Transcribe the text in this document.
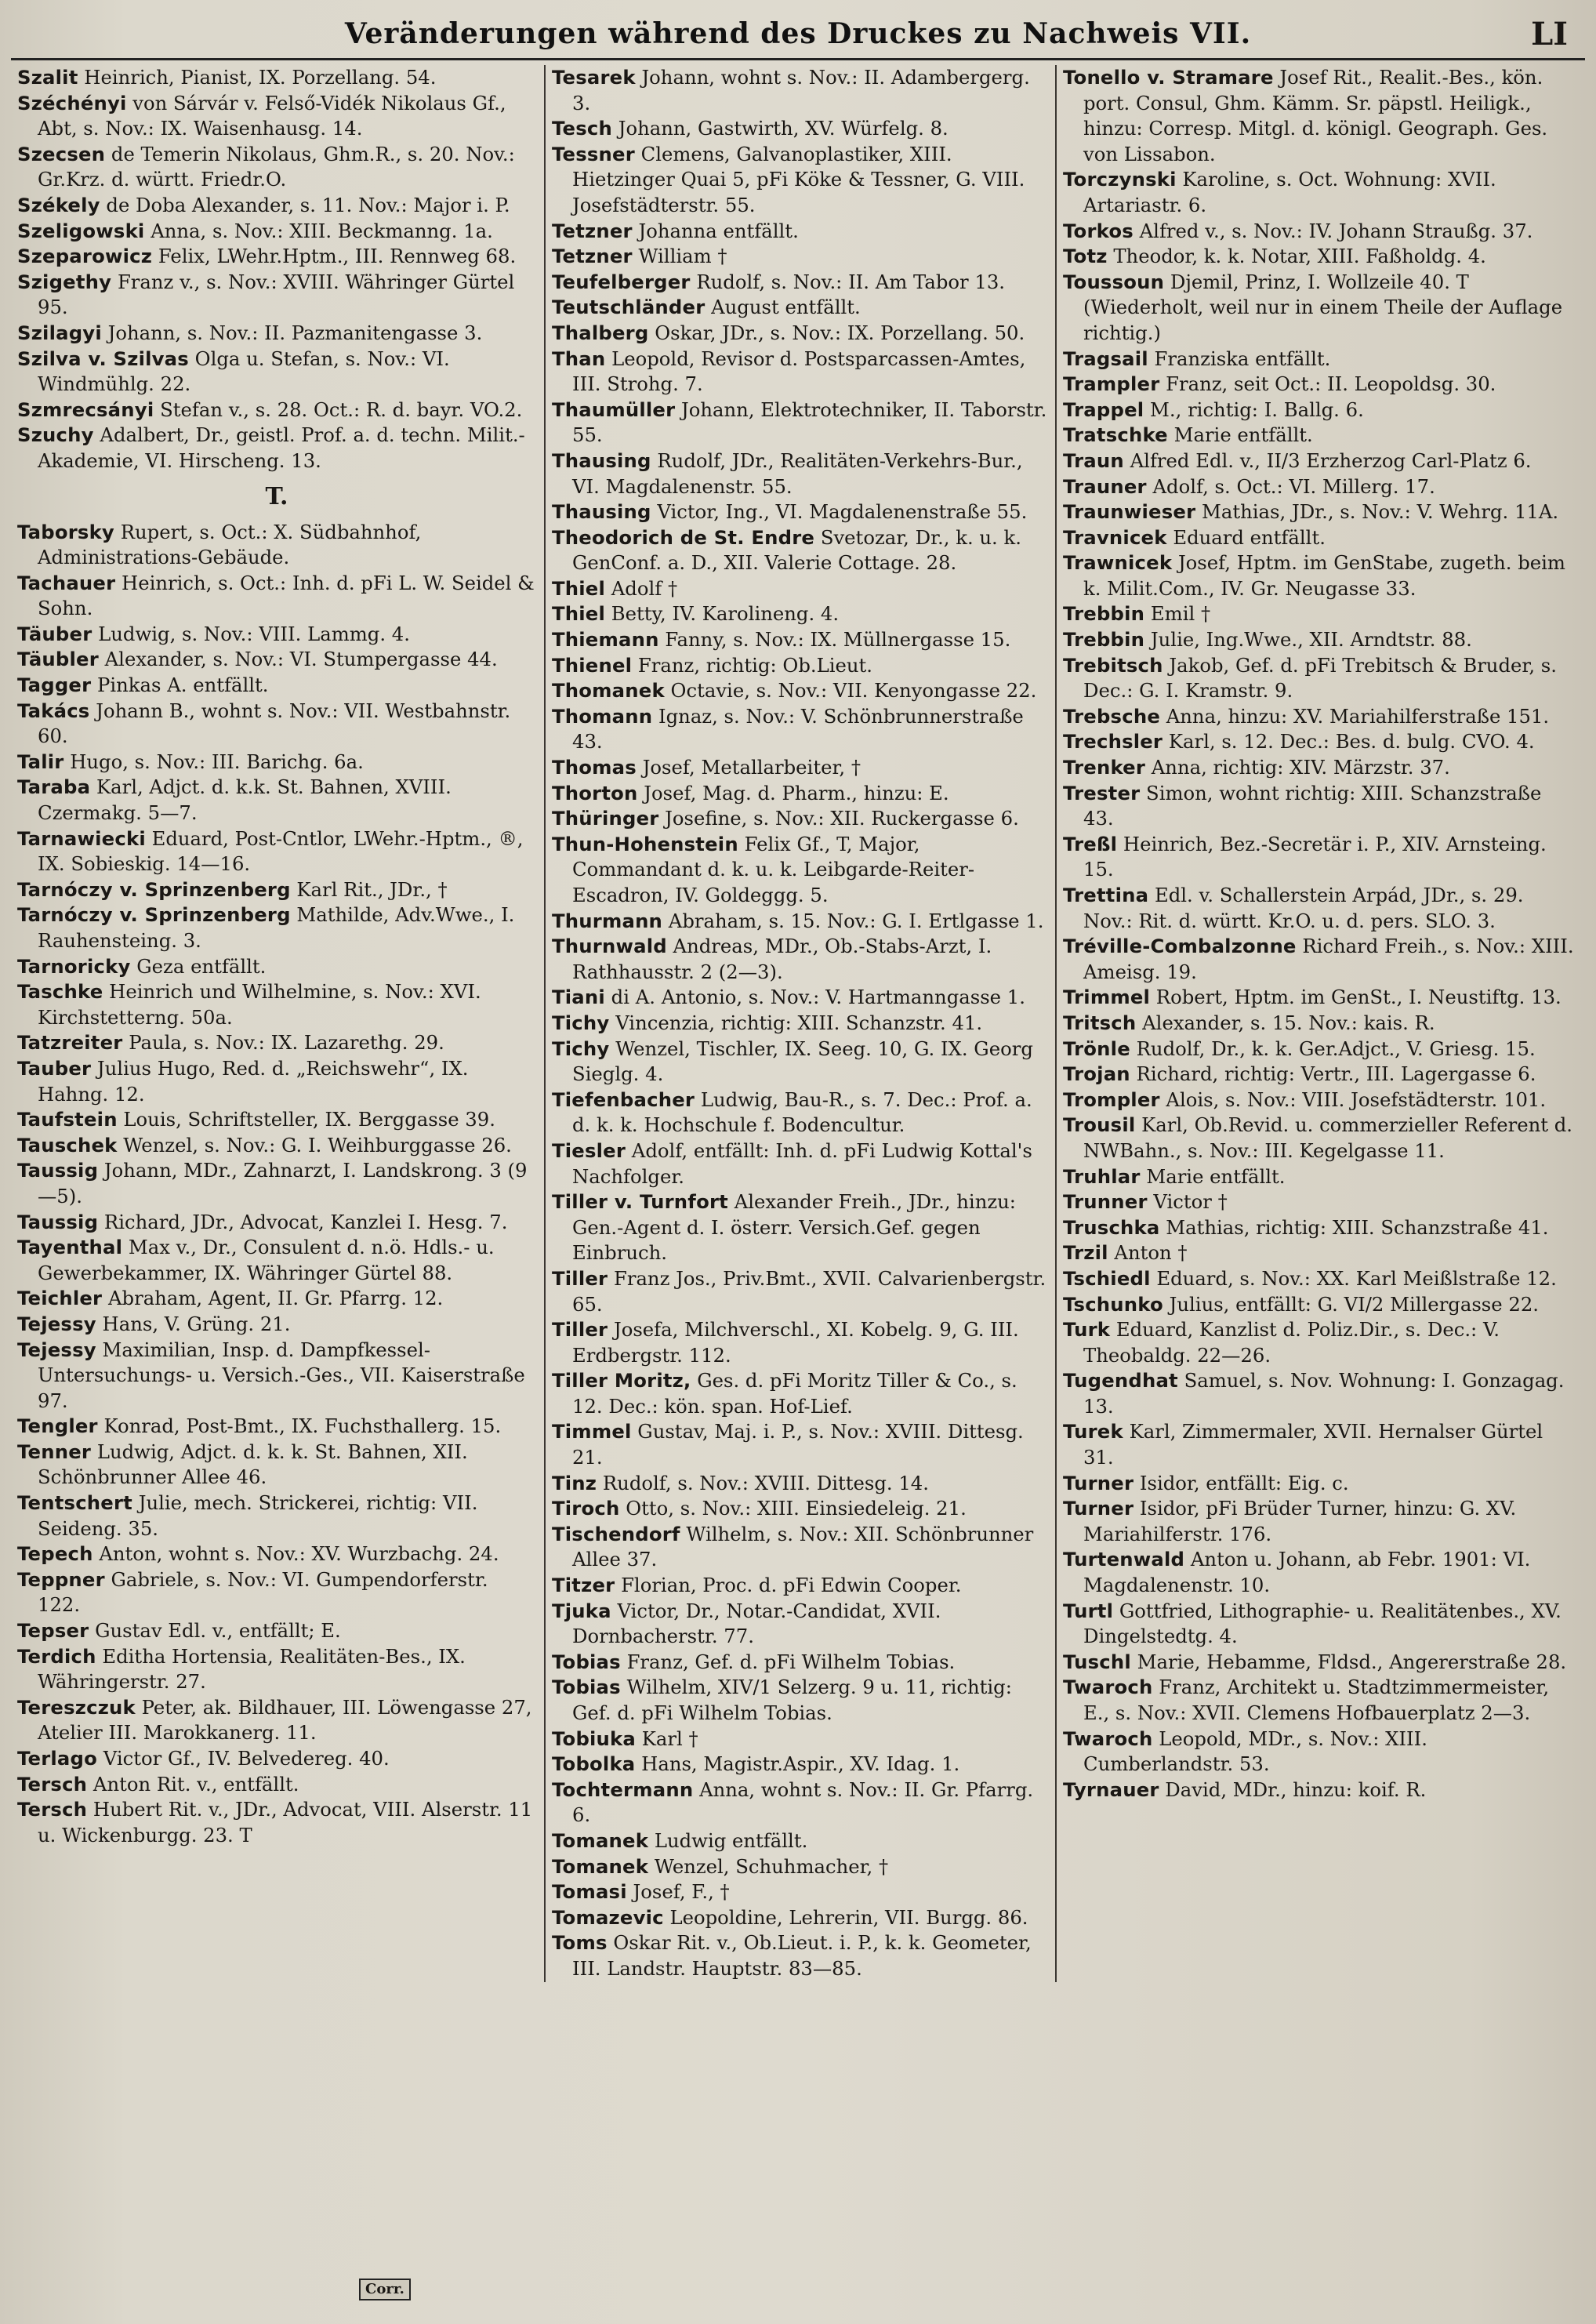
Veränderungen während des Druckes zu Nachweis VII.	LI

Szalit Heinrich, Pianist, IX. Porzellang. 54.

Széchényi von Sárvár v. Felső-Vidék Nikolaus Gf., Abt, s. Nov.: IX. Waisenhausg. 14.

Szecsen de Temerin Nikolaus, Ghm.R., s. 20. Nov.: Gr.Krz. d. württ. Friedr.O.

Székely de Doba Alexander, s. 11. Nov.: Major i. P.

Szeligowski Anna, s. Nov.: XIII. Beckmanng. 1a.

Szeparowicz Felix, LWehr.Hptm., III. Rennweg 68.

Szigethy Franz v., s. Nov.: XVIII. Währinger Gürtel 95.

Szilagyi Johann, s. Nov.: II. Pazmanitengasse 3.

Szilva v. Szilvas Olga u. Stefan, s. Nov.: VI. Windmühlg. 22.

Szmrecsányi Stefan v., s. 28. Oct.: R. d. bayr. VO.2.

Szuchy Adalbert, Dr., geistl. Prof. a. d. techn. Milit.-Akademie, VI. Hirscheng. 13.

T.

Taborsky Rupert, s. Oct.: X. Südbahnhof, Administrations-Gebäude.

Tachauer Heinrich, s. Oct.: Inh. d. pFi L. W. Seidel & Sohn.

Täuber Ludwig, s. Nov.: VIII. Lammg. 4.

Täubler Alexander, s. Nov.: VI. Stumpergasse 44.

Tagger Pinkas A. entfällt.

Takács Johann B., wohnt s. Nov.: VII. Westbahnstr. 60.

Talir Hugo, s. Nov.: III. Barichg. 6a.

Taraba Karl, Adjct. d. k.k. St. Bahnen, XVIII. Czermakg. 5—7.

Tarnawiecki Eduard, Post-Cntlor, LWehr.-Hptm., ®, IX. Sobieskig. 14—16.

Tarnóczy v. Sprinzenberg Karl Rit., JDr., †

Tarnóczy v. Sprinzenberg Mathilde, Adv.Wwe., I. Rauhensteing. 3.

Tarnoricky Geza entfällt.

Taschke Heinrich und Wilhelmine, s. Nov.: XVI. Kirchstetterng. 50a.

Tatzreiter Paula, s. Nov.: IX. Lazarethg. 29.

Tauber Julius Hugo, Red. d. „Reichswehr“, IX. Hahng. 12.

Taufstein Louis, Schriftsteller, IX. Berggasse 39.

Tauschek Wenzel, s. Nov.: G. I. Weihburggasse 26.

Taussig Johann, MDr., Zahnarzt, I. Landskrong. 3 (9—5).

Taussig Richard, JDr., Advocat, Kanzlei I. Hesg. 7.

Tayenthal Max v., Dr., Consulent d. n.ö. Hdls.- u. Gewerbekammer, IX. Währinger Gürtel 88.

Teichler Abraham, Agent, II. Gr. Pfarrg. 12.

Tejessy Hans, V. Grüng. 21.

Tejessy Maximilian, Insp. d. Dampfkessel-Untersuchungs- u. Versich.-Ges., VII. Kaiserstraße 97.

Tengler Konrad, Post-Bmt., IX. Fuchsthallerg. 15.

Tenner Ludwig, Adjct. d. k. k. St. Bahnen, XII. Schönbrunner Allee 46.

Tentschert Julie, mech. Strickerei, richtig: VII. Seideng. 35.

Tepech Anton, wohnt s. Nov.: XV. Wurzbachg. 24.

Teppner Gabriele, s. Nov.: VI. Gumpendorferstr. 122.

Tepser Gustav Edl. v., entfällt; E.

Terdich Editha Hortensia, Realitäten-Bes., IX. Währingerstr. 27.

Tereszczuk Peter, ak. Bildhauer, III. Löwengasse 27, Atelier III. Marokkanerg. 11.

Terlago Victor Gf., IV. Belvedereg. 40.

Tersch Anton Rit. v., entfällt.

Tersch Hubert Rit. v., JDr., Advocat, VIII. Alserstr. 11 u. Wickenburgg. 23. T

Tesarek Johann, wohnt s. Nov.: II. Adambergerg. 3.

Tesch Johann, Gastwirth, XV. Würfelg. 8.

Tessner Clemens, Galvanoplastiker, XIII. Hietzinger Quai 5, pFi Köke & Tessner, G. VIII. Josefstädterstr. 55.

Tetzner Johanna entfällt.

Tetzner William †

Teufelberger Rudolf, s. Nov.: II. Am Tabor 13.

Teutschländer August entfällt.

Thalberg Oskar, JDr., s. Nov.: IX. Porzellang. 50.

Than Leopold, Revisor d. Postsparcassen-Amtes, III. Strohg. 7.

Thaumüller Johann, Elektrotechniker, II. Taborstr. 55.

Thausing Rudolf, JDr., Realitäten-Verkehrs-Bur., VI. Magdalenenstr. 55.

Thausing Victor, Ing., VI. Magdalenenstraße 55.

Theodorich de St. Endre Svetozar, Dr., k. u. k. GenConf. a. D., XII. Valerie Cottage. 28.

Thiel Adolf †

Thiel Betty, IV. Karolineng. 4.

Thiemann Fanny, s. Nov.: IX. Müllnergasse 15.

Thienel Franz, richtig: Ob.Lieut.

Thomanek Octavie, s. Nov.: VII. Kenyongasse 22.

Thomann Ignaz, s. Nov.: V. Schönbrunnerstraße 43.

Thomas Josef, Metallarbeiter, †

Thorton Josef, Mag. d. Pharm., hinzu: E.

Thüringer Josefine, s. Nov.: XII. Ruckergasse 6.

Thun-Hohenstein Felix Gf., T, Major, Commandant d. k. u. k. Leibgarde-Reiter-Escadron, IV. Goldeggg. 5.

Thurmann Abraham, s. 15. Nov.: G. I. Ertlgasse 1.

Thurnwald Andreas, MDr., Ob.-Stabs-Arzt, I. Rathhausstr. 2 (2—3).

Tiani di A. Antonio, s. Nov.: V. Hartmanngasse 1.

Tichy Vincenzia, richtig: XIII. Schanzstr. 41.

Tichy Wenzel, Tischler, IX. Seeg. 10, G. IX. Georg Sieglg. 4.

Tiefenbacher Ludwig, Bau-R., s. 7. Dec.: Prof. a. d. k. k. Hochschule f. Bodencultur.

Tiesler Adolf, entfällt: Inh. d. pFi Ludwig Kottal's Nachfolger.

Tiller v. Turnfort Alexander Freih., JDr., hinzu: Gen.-Agent d. I. österr. Versich.Gef. gegen Einbruch.

Tiller Franz Jos., Priv.Bmt., XVII. Calvarienbergstr. 65.

Tiller Josefa, Milchverschl., XI. Kobelg. 9, G. III. Erdbergstr. 112.

Tiller Moritz, Ges. d. pFi Moritz Tiller & Co., s. 12. Dec.: kön. span. Hof-Lief.

Timmel Gustav, Maj. i. P., s. Nov.: XVIII. Dittesg. 21.

Tinz Rudolf, s. Nov.: XVIII. Dittesg. 14.

Tiroch Otto, s. Nov.: XIII. Einsiedeleig. 21.

Tischendorf Wilhelm, s. Nov.: XII. Schönbrunner Allee 37.

Titzer Florian, Proc. d. pFi Edwin Cooper.

Tjuka Victor, Dr., Notar.-Candidat, XVII. Dornbacherstr. 77.

Tobias Franz, Gef. d. pFi Wilhelm Tobias.

Tobias Wilhelm, XIV/1 Selzerg. 9 u. 11, richtig: Gef. d. pFi Wilhelm Tobias.

Tobiuka Karl †

Tobolka Hans, Magistr.Aspir., XV. Idag. 1.

Tochtermann Anna, wohnt s. Nov.: II. Gr. Pfarrg. 6.

Tomanek Ludwig entfällt.

Tomanek Wenzel, Schuhmacher, †

Tomasi Josef, F., †

Tomazevic Leopoldine, Lehrerin, VII. Burgg. 86.

Toms Oskar Rit. v., Ob.Lieut. i. P., k. k. Geometer, III. Landstr. Hauptstr. 83—85.

Tonello v. Stramare Josef Rit., Realit.-Bes., kön. port. Consul, Ghm. Kämm. Sr. päpstl. Heiligk., hinzu: Corresp. Mitgl. d. königl. Geograph. Ges. von Lissabon.

Torczynski Karoline, s. Oct. Wohnung: XVII. Artariastr. 6.

Torkos Alfred v., s. Nov.: IV. Johann Straußg. 37.

Totz Theodor, k. k. Notar, XIII. Faßholdg. 4.

Toussoun Djemil, Prinz, I. Wollzeile 40. T (Wiederholt, weil nur in einem Theile der Auflage richtig.)

Tragsail Franziska entfällt.

Trampler Franz, seit Oct.: II. Leopoldsg. 30.

Trappel M., richtig: I. Ballg. 6.

Tratschke Marie entfällt.

Traun Alfred Edl. v., II/3 Erzherzog Carl-Platz 6.

Trauner Adolf, s. Oct.: VI. Millerg. 17.

Traunwieser Mathias, JDr., s. Nov.: V. Wehrg. 11A.

Travnicek Eduard entfällt.

Trawnicek Josef, Hptm. im GenStabe, zugeth. beim k. Milit.Com., IV. Gr. Neugasse 33.

Trebbin Emil †

Trebbin Julie, Ing.Wwe., XII. Arndtstr. 88.

Trebitsch Jakob, Gef. d. pFi Trebitsch & Bruder, s. Dec.: G. I. Kramstr. 9.

Trebsche Anna, hinzu: XV. Mariahilferstraße 151.

Trechsler Karl, s. 12. Dec.: Bes. d. bulg. CVO. 4.

Trenker Anna, richtig: XIV. Märzstr. 37.

Trester Simon, wohnt richtig: XIII. Schanzstraße 43.

Treßl Heinrich, Bez.-Secretär i. P., XIV. Arnsteing. 15.

Trettina Edl. v. Schallerstein Arpád, JDr., s. 29. Nov.: Rit. d. württ. Kr.O. u. d. pers. SLO. 3.

Tréville-Combalzonne Richard Freih., s. Nov.: XIII. Ameisg. 19.

Trimmel Robert, Hptm. im GenSt., I. Neustiftg. 13.

Tritsch Alexander, s. 15. Nov.: kais. R.

Trönle Rudolf, Dr., k. k. Ger.Adjct., V. Griesg. 15.

Trojan Richard, richtig: Vertr., III. Lagergasse 6.

Trompler Alois, s. Nov.: VIII. Josefstädterstr. 101.

Trousil Karl, Ob.Revid. u. commerzieller Referent d. NWBahn., s. Nov.: III. Kegelgasse 11.

Truhlar Marie entfällt.

Trunner Victor †

Truschka Mathias, richtig: XIII. Schanzstraße 41.

Trzil Anton †

Tschiedl Eduard, s. Nov.: XX. Karl Meißlstraße 12.

Tschunko Julius, entfällt: G. VI/2 Millergasse 22.

Turk Eduard, Kanzlist d. Poliz.Dir., s. Dec.: V. Theobaldg. 22—26.

Tugendhat Samuel, s. Nov. Wohnung: I. Gonzagag. 13.

Turek Karl, Zimmermaler, XVII. Hernalser Gürtel 31.

Turner Isidor, entfällt: Eig. c.

Turner Isidor, pFi Brüder Turner, hinzu: G. XV. Mariahilferstr. 176.

Turtenwald Anton u. Johann, ab Febr. 1901: VI. Magdalenenstr. 10.

Turtl Gottfried, Lithographie- u. Realitätenbes., XV. Dingelstedtg. 4.

Tuschl Marie, Hebamme, Fldsd., Angererstraße 28.

Twaroch Franz, Architekt u. Stadtzimmermeister, E., s. Nov.: XVII. Clemens Hofbauerplatz 2—3.

Twaroch Leopold, MDr., s. Nov.: XIII. Cumberlandstr. 53.

Tyrnauer David, MDr., hinzu: koif. R.

Corr.
